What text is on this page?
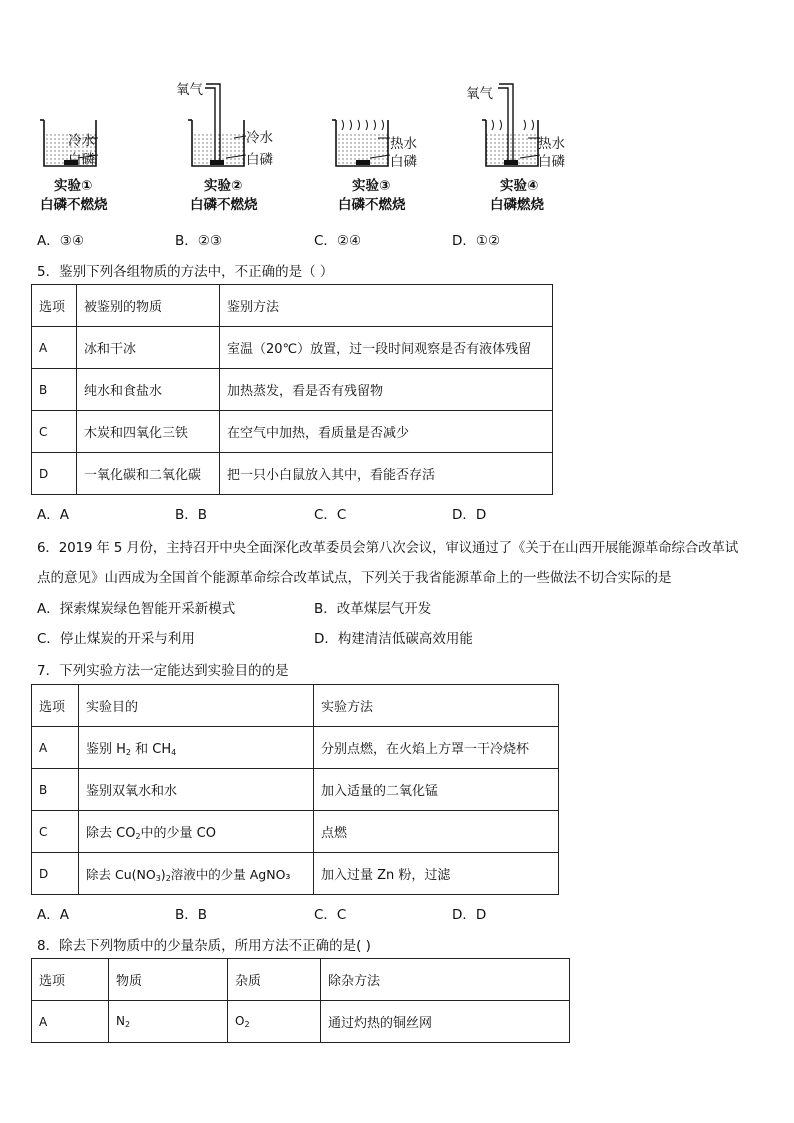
冷水
白磷
实验①
白磷不燃烧
氧气
冷水
白磷
实验②
白磷不燃烧
热水
白磷
实验③
白磷不燃烧
氧气
热水
白磷
实验④
白磷燃烧
A．③④	B．②③	C．②④	D．①②
5．鉴别下列各组物质的方法中，不正确的是（ ）
选项	被鉴别的物质	鉴别方法
A	冰和干冰	室温（20℃）放置，过一段时间观察是否有液体残留
B	纯水和食盐水	加热蒸发，看是否有残留物
C	木炭和四氧化三铁	在空气中加热，看质量是否减少
D	一氧化碳和二氧化碳	把一只小白鼠放入其中，看能否存活
A．A	B．B	C．C	D．D
6．2019 年 5 月份，主持召开中央全面深化改革委员会第八次会议，审议通过了《关于在山西开展能源革命综合改革试
点的意见》山西成为全国首个能源革命综合改革试点，下列关于我省能源革命上的一些做法不切合实际的是
A．探索煤炭绿色智能开采新模式	B．改革煤层气开发
C．停止煤炭的开采与利用	D．构建清洁低碳高效用能
7．下列实验方法一定能达到实验目的的是
选项	实验目的	实验方法
A	鉴别 $H_2$ 和 $CH_4$	分别点燃，在火焰上方罩一干冷烧杯
B	鉴别双氧水和水	加入适量的二氧化锰
C	除去 $CO_2$中的少量 CO	点燃
D	除去 $Cu(NO_3)_2$溶液中的少量 AgNO₃	加入过量 Zn 粉，过滤
A．A	B．B	C．C	D．D
8．除去下列物质中的少量杂质，所用方法不正确的是( )
选项	物质	杂质	除杂方法
A	$N_2$	$O_2$	通过灼热的铜丝网
